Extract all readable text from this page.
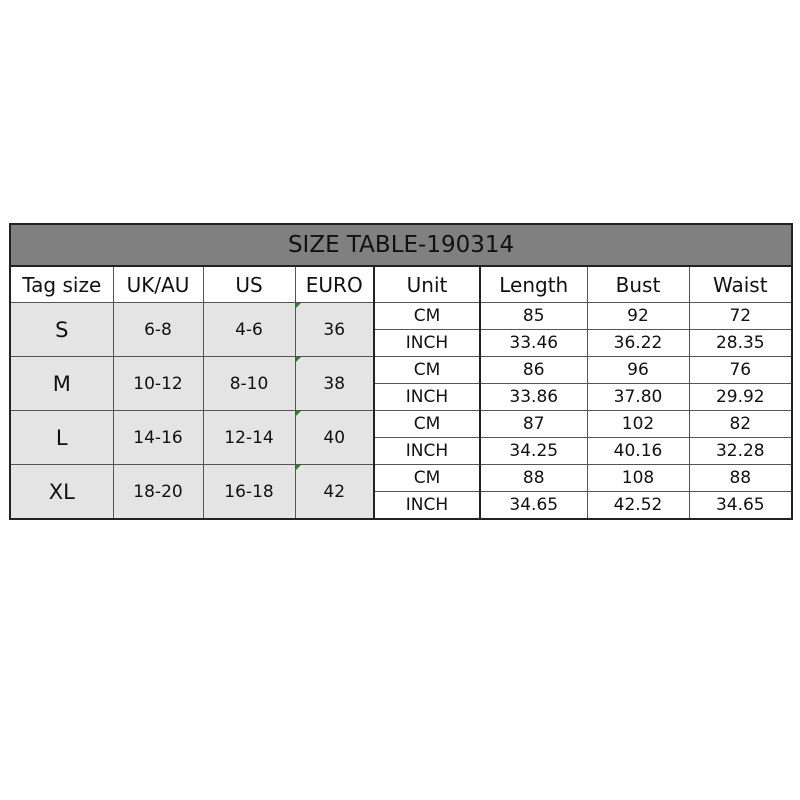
SIZE TABLE-190314							
Tag size	UK/AU	US	EURO	Unit	Length	Bust	Waist
S	6-8	4-6	36	CM	85	92	72
				INCH	33.46	36.22	28.35
M	10-12	8-10	38	CM	86	96	76
				INCH	33.86	37.80	29.92
L	14-16	12-14	40	CM	87	102	82
				INCH	34.25	40.16	32.28
XL	18-20	16-18	42	CM	88	108	88
				INCH	34.65	42.52	34.65
